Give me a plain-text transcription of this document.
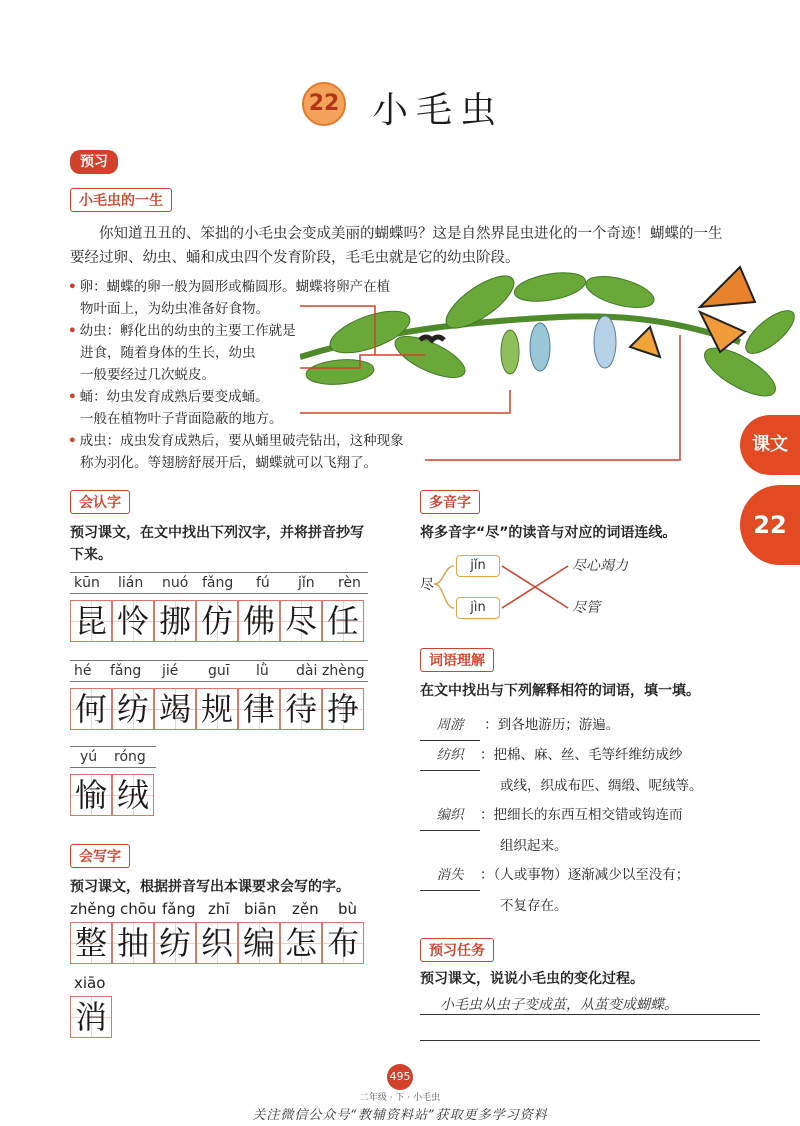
22 小毛虫
预习
小毛虫的一生
你知道丑丑的、笨拙的小毛虫会变成美丽的蝴蝶吗？这是自然界昆虫进化的一个奇迹！蝴蝶的一生要经过卵、幼虫、蛹和成虫四个发育阶段，毛毛虫就是它的幼虫阶段。
• 卵：蝴蝶的卵一般为圆形或椭圆形。蝴蝶将卵产在植
物叶面上，为幼虫准备好食物。
• 幼虫：孵化出的幼虫的主要工作就是
进食，随着身体的生长，幼虫
一般要经过几次蜕皮。
• 蛹：幼虫发育成熟后要变成蛹。
一般在植物叶子背面隐蔽的地方。
• 成虫：成虫发育成熟后，要从蛹里破壳钻出，这种现象
称为羽化。等翅膀舒展开后，蝴蝶就可以飞翔了。
课文
22
会认字
预习课文，在文中找出下列汉字，并将拼音抄写下来。
kūn lián nuó fǎng fú jǐn rèn
昆 怜 挪 仿 佛 尽 任
hé fǎng jié guī lǜ dài zhèng
何 纺 竭 规 律 待 挣
yú róng
愉 绒
会写字
预习课文，根据拼音写出本课要求会写的字。
zhěng chōu fǎng zhī biān zěn bù
整 抽 纺 织 编 怎 布
xiāo
消
多音字
将多音字“尽”的读音与对应的词语连线。
尽
jǐn
jìn
尽心竭力
尽管
词语理解
在文中找出与下列解释相符的词语，填一填。
周游 ：到各地游历；游遍。
纺织 ：把棉、麻、丝、毛等纤维纺成纱
或线，织成布匹、绸缎、呢绒等。
编织 ：把细长的东西互相交错或钩连而
组织起来。
消失 ：（人或事物）逐渐减少以至没有；
不复存在。
预习任务
预习课文，说说小毛虫的变化过程。
小毛虫从虫子变成茧，从茧变成蝴蝶。
495
二年级 · 下 · 小毛虫
关注微信公众号“教辅资料站”获取更多学习资料
